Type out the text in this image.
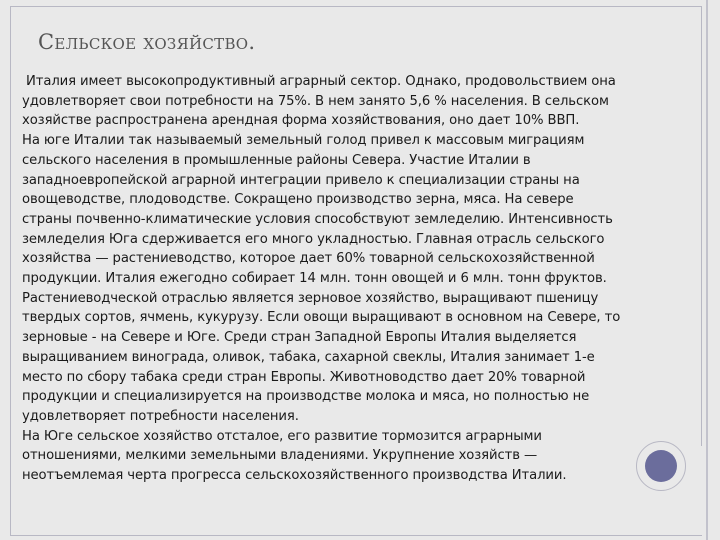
Сельское хозяйство.
Италия имеет высокопродуктивный аграрный сектор. Однако, продовольствием она
удовлетворяет свои потребности на 75%. В нем занято 5,6 % населения. В сельском
хозяйстве распространена арендная форма хозяйствования, оно дает 10% ВВП.
На юге Италии так называемый земельный голод привел к массовым миграциям
сельского населения в промышленные районы Севера. Участие Италии в
западноевропейской аграрной интеграции привело к специализации страны на
овощеводстве, плодоводстве. Сокращено производство зерна, мяса. На севере
страны почвенно-климатические условия способствуют земледелию. Интенсивность
земледелия Юга сдерживается его много укладностью. Главная отрасль сельского
хозяйства — растениеводство, которое дает 60% товарной сельскохозяйственной
продукции. Италия ежегодно собирает 14 млн. тонн овощей и 6 млн. тонн фруктов.
Растениеводческой отраслью является зерновое хозяйство, выращивают пшеницу
твердых сортов, ячмень, кукурузу. Если овощи выращивают в основном на Севере, то
зерновые - на Севере и Юге. Среди стран Западной Европы Италия выделяется
выращиванием винограда, оливок, табака, сахарной свеклы, Италия занимает 1-е
место по сбору табака среди стран Европы. Животноводство дает 20% товарной
продукции и специализируется на производстве молока и мяса, но полностью не
удовлетворяет потребности населения.
На Юге сельское хозяйство отсталое, его развитие тормозится аграрными
отношениями, мелкими земельными владениями. Укрупнение хозяйств —
неотъемлемая черта прогресса сельскохозяйственного производства Италии.
